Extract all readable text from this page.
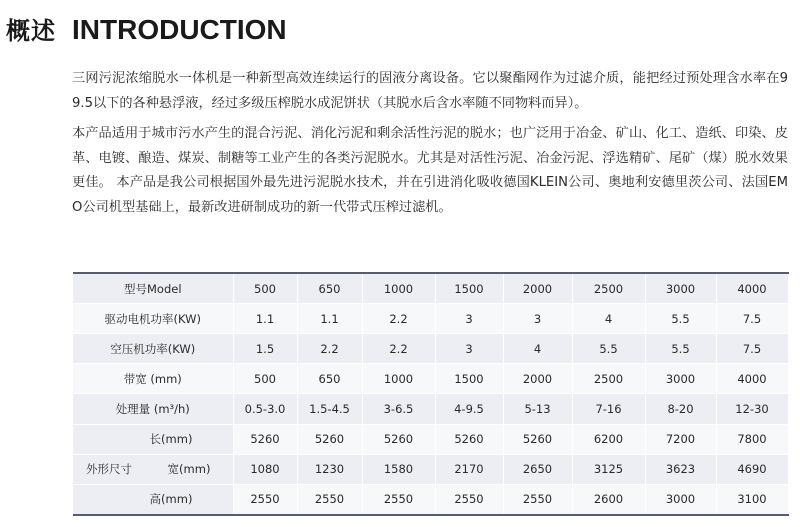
概述 INTRODUCTION

三网污泥浓缩脱水一体机是一种新型高效连续运行的固液分离设备。它以聚酯网作为过滤介质，能把经过预处理含水率在99.5以下的各种悬浮液，经过多级压榨脱水成泥饼状（其脱水后含水率随不同物料而异）。

本产品适用于城市污水产生的混合污泥、消化污泥和剩余活性污泥的脱水；也广泛用于冶金、矿山、化工、造纸、印染、皮革、电镀、酿造、煤炭、制糖等工业产生的各类污泥脱水。尤其是对活性污泥、冶金污泥、浮选精矿、尾矿（煤）脱水效果更佳。 本产品是我公司根据国外最先进污泥脱水技术，并在引进消化吸收德国KLEIN公司、奥地利安德里茨公司、法国EMO公司机型基础上，最新改进研制成功的新一代带式压榨过滤机。

型号Model	500	650	1000	1500	2000	2500	3000	4000
驱动电机功率(KW)	1.1	1.1	2.2	3	3	4	5.5	7.5
空压机功率(KW)	1.5	2.2	2.2	3	4	5.5	5.5	7.5
带宽 (mm)	500	650	1000	1500	2000	2500	3000	4000
处理量 (m³/h)	0.5-3.0	1.5-4.5	3-6.5	4-9.5	5-13	7-16	8-20	12-30
长(mm)	5260	5260	5260	5260	5260	6200	7200	7800
外形尺寸 宽(mm)	1080	1230	1580	2170	2650	3125	3623	4690
高(mm)	2550	2550	2550	2550	2550	2600	3000	3100
